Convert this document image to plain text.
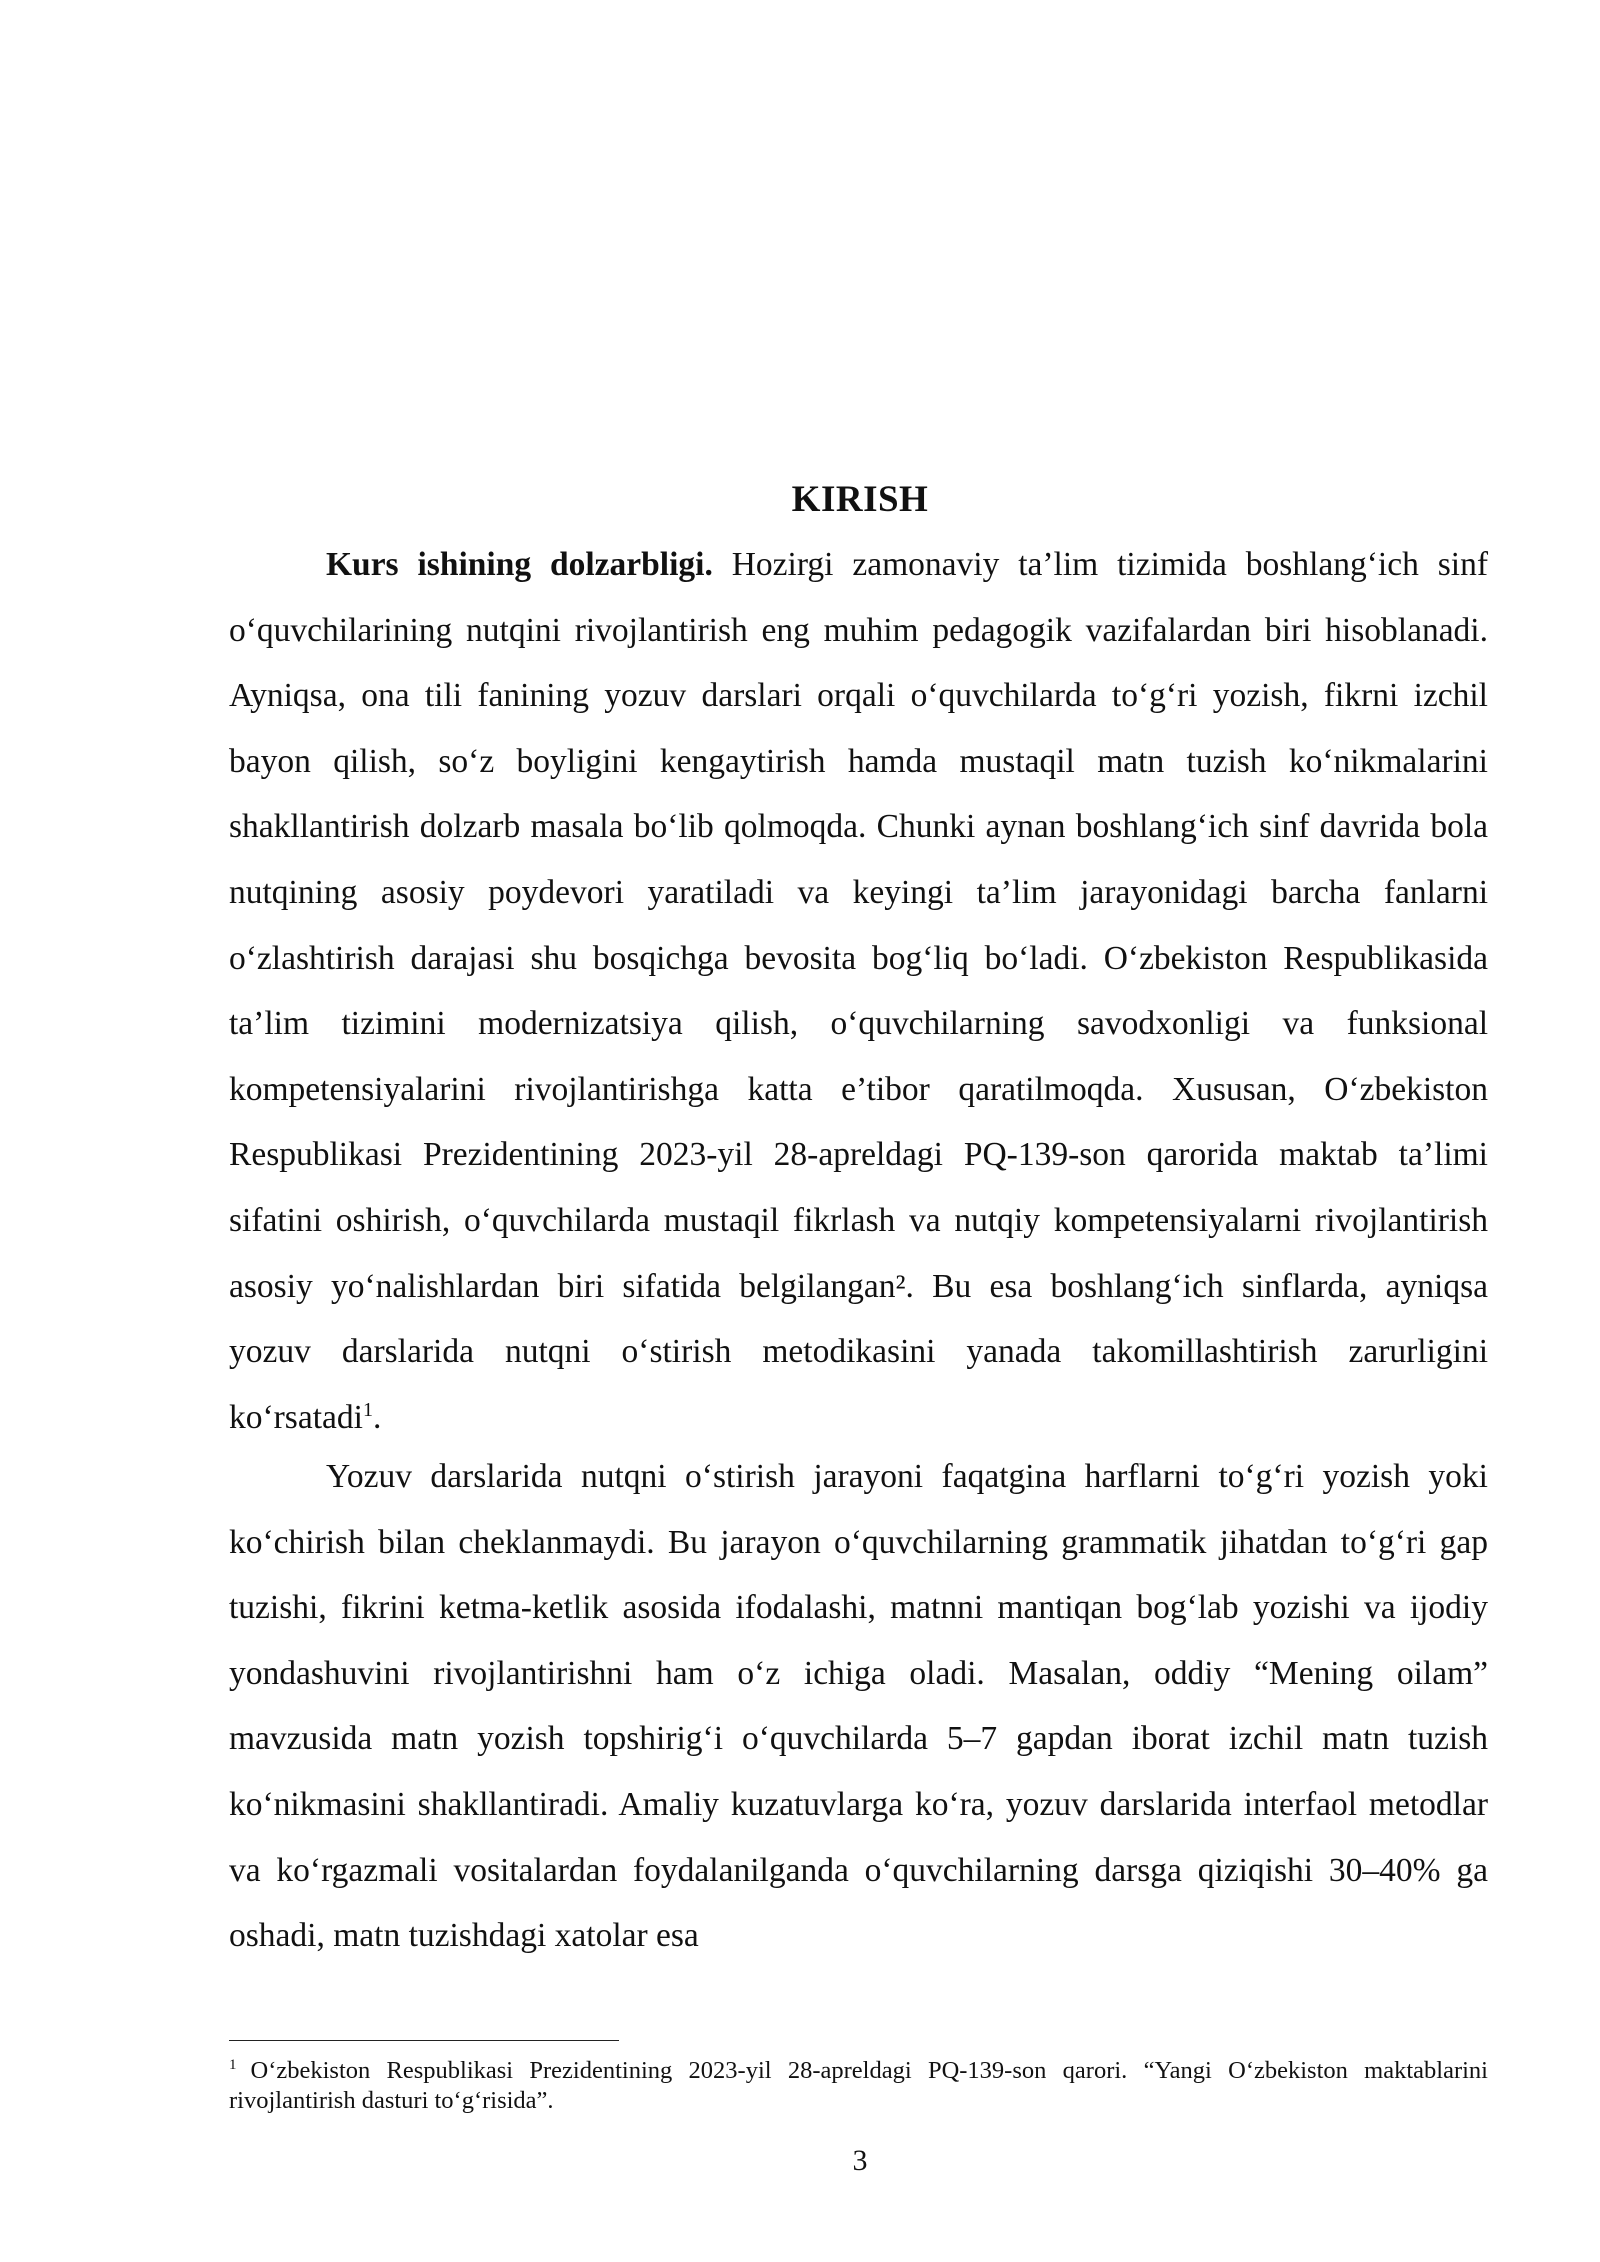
KIRISH

Kurs ishining dolzarbligi. Hozirgi zamonaviy ta’lim tizimida boshlang‘ich sinf o‘quvchilarining nutqini rivojlantirish eng muhim pedagogik vazifalardan biri hisoblanadi. Ayniqsa, ona tili fanining yozuv darslari orqali o‘quvchilarda to‘g‘ri yozish, fikrni izchil bayon qilish, so‘z boyligini kengaytirish hamda mustaqil matn tuzish ko‘nikmalarini shakllantirish dolzarb masala bo‘lib qolmoqda. Chunki aynan boshlang‘ich sinf davrida bola nutqining asosiy poydevori yaratiladi va keyingi ta’lim jarayonidagi barcha fanlarni o‘zlashtirish darajasi shu bosqichga bevosita bog‘liq bo‘ladi. O‘zbekiston Respublikasida ta’lim tizimini modernizatsiya qilish, o‘quvchilarning savodxonligi va funksional kompetensiyalarini rivojlantirishga katta e’tibor qaratilmoqda. Xususan, O‘zbekiston Respublikasi Prezidentining 2023-yil 28-apreldagi PQ-139-son qarorida maktab ta’limi sifatini oshirish, o‘quvchilarda mustaqil fikrlash va nutqiy kompetensiyalarni rivojlantirish asosiy yo‘nalishlardan biri sifatida belgilangan². Bu esa boshlang‘ich sinflarda, ayniqsa yozuv darslarida nutqni o‘stirish metodikasini yanada takomillashtirish zarurligini ko‘rsatadi$^1$.

Yozuv darslarida nutqni o‘stirish jarayoni faqatgina harflarni to‘g‘ri yozish yoki ko‘chirish bilan cheklanmaydi. Bu jarayon o‘quvchilarning grammatik jihatdan to‘g‘ri gap tuzishi, fikrini ketma-ketlik asosida ifodalashi, matnni mantiqan bog‘lab yozishi va ijodiy yondashuvini rivojlantirishni ham o‘z ichiga oladi. Masalan, oddiy “Mening oilam” mavzusida matn yozish topshirig‘i o‘quvchilarda 5–7 gapdan iborat izchil matn tuzish ko‘nikmasini shakllantiradi. Amaliy kuzatuvlarga ko‘ra, yozuv darslarida interfaol metodlar va ko‘rgazmali vositalardan foydalanilganda o‘quvchilarning darsga qiziqishi 30–40% ga oshadi, matn tuzishdagi xatolar esa

$^1$ O‘zbekiston Respublikasi Prezidentining 2023-yil 28-apreldagi PQ-139-son qarori. “Yangi O‘zbekiston maktablarini rivojlantirish dasturi to‘g‘risida”.

3
